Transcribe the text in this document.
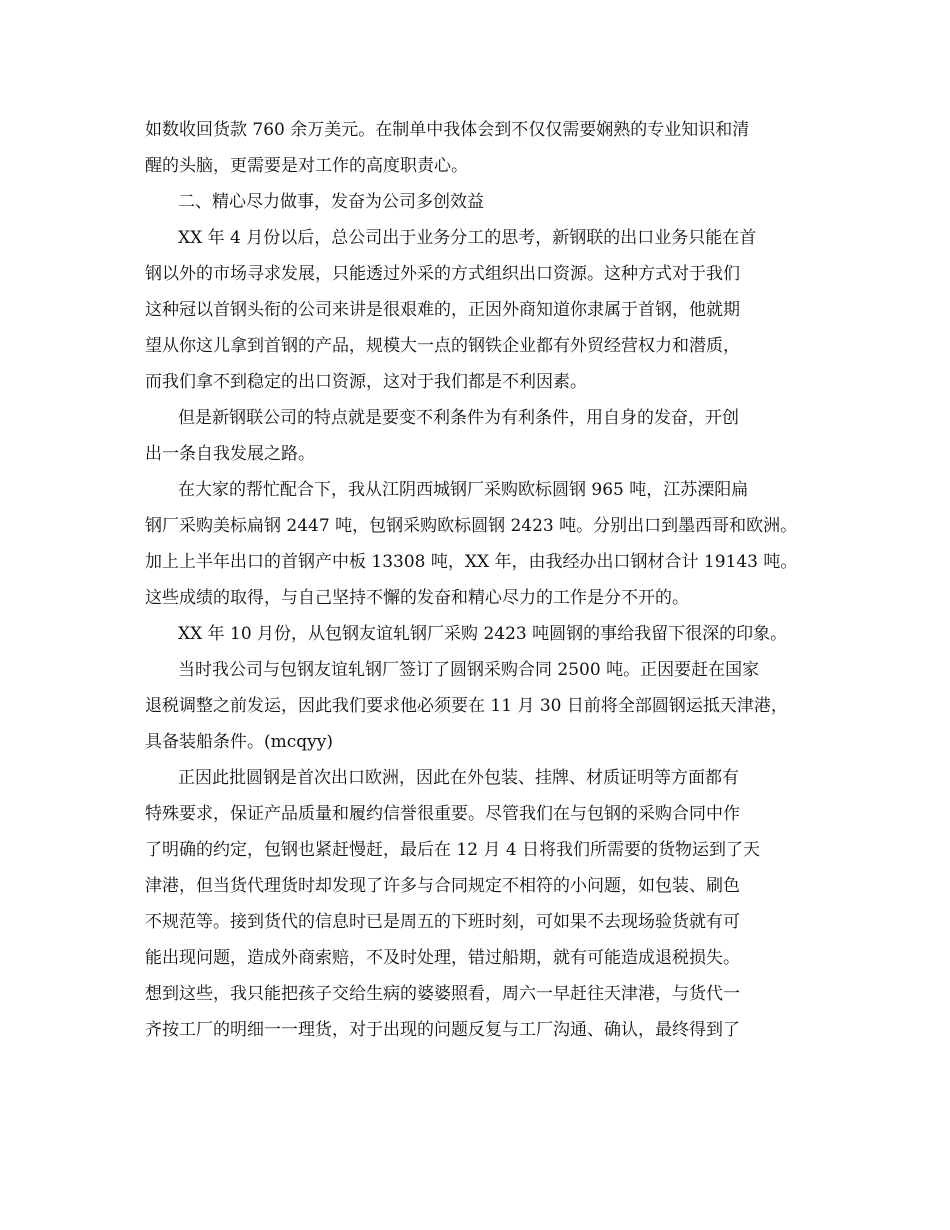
如数收回货款 760 余万美元。在制单中我体会到不仅仅需要娴熟的专业知识和清
醒的头脑，更需要是对工作的高度职责心。
二、精心尽力做事，发奋为公司多创效益
XX 年 4 月份以后，总公司出于业务分工的思考，新钢联的出口业务只能在首
钢以外的市场寻求发展，只能透过外采的方式组织出口资源。这种方式对于我们
这种冠以首钢头衔的公司来讲是很艰难的，正因外商知道你隶属于首钢，他就期
望从你这儿拿到首钢的产品，规模大一点的钢铁企业都有外贸经营权力和潜质，
而我们拿不到稳定的出口资源，这对于我们都是不利因素。
但是新钢联公司的特点就是要变不利条件为有利条件，用自身的发奋，开创
出一条自我发展之路。
在大家的帮忙配合下，我从江阴西城钢厂采购欧标圆钢 965 吨，江苏溧阳扁
钢厂采购美标扁钢 2447 吨，包钢采购欧标圆钢 2423 吨。分别出口到墨西哥和欧洲。
加上上半年出口的首钢产中板 13308 吨，XX 年，由我经办出口钢材合计 19143 吨。
这些成绩的取得，与自己坚持不懈的发奋和精心尽力的工作是分不开的。
XX 年 10 月份，从包钢友谊轧钢厂采购 2423 吨圆钢的事给我留下很深的印象。
当时我公司与包钢友谊轧钢厂签订了圆钢采购合同 2500 吨。正因要赶在国家
退税调整之前发运，因此我们要求他必须要在 11 月 30 日前将全部圆钢运抵天津港，
具备装船条件。(mcqyy)
正因此批圆钢是首次出口欧洲，因此在外包装、挂牌、材质证明等方面都有
特殊要求，保证产品质量和履约信誉很重要。尽管我们在与包钢的采购合同中作
了明确的约定，包钢也紧赶慢赶，最后在 12 月 4 日将我们所需要的货物运到了天
津港，但当货代理货时却发现了许多与合同规定不相符的小问题，如包装、刷色
不规范等。接到货代的信息时已是周五的下班时刻，可如果不去现场验货就有可
能出现问题，造成外商索赔，不及时处理，错过船期，就有可能造成退税损失。
想到这些，我只能把孩子交给生病的婆婆照看，周六一早赶往天津港，与货代一
齐按工厂的明细一一理货，对于出现的问题反复与工厂沟通、确认，最终得到了
